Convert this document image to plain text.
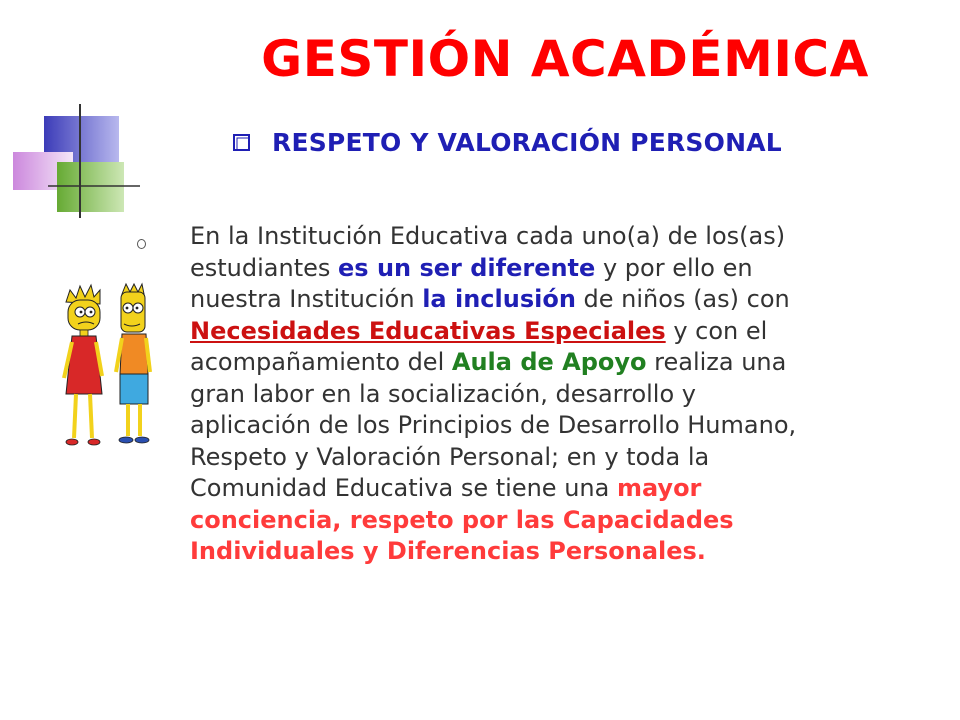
GESTIÓN ACADÉMICA
RESPETO Y VALORACIÓN PERSONAL
En la Institución Educativa cada uno(a) de los(as)
estudiantes es un ser diferente y por ello en
nuestra Institución la inclusión de niños (as) con
Necesidades Educativas Especiales y con el
acompañamiento del Aula de Apoyo realiza una
gran labor en la socialización, desarrollo y
aplicación de los Principios de Desarrollo Humano,
Respeto y Valoración Personal; en y toda la
Comunidad Educativa se tiene una mayor
conciencia, respeto por las Capacidades
Individuales y Diferencias Personales.
